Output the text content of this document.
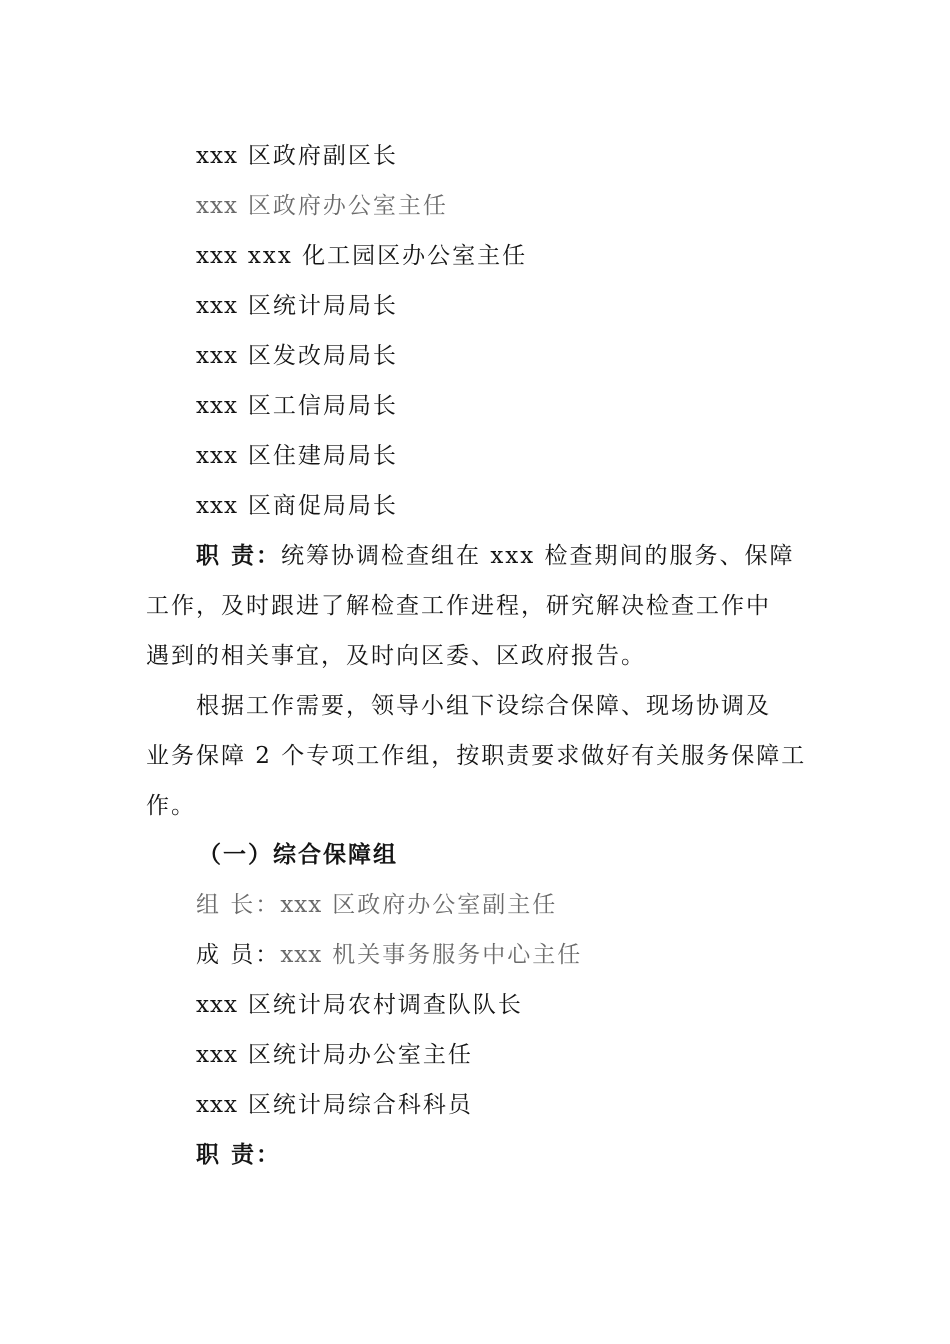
xxx 区政府副区长
xxx 区政府办公室主任
xxx xxx 化工园区办公室主任
xxx 区统计局局长
xxx 区发改局局长
xxx 区工信局局长
xxx 区住建局局长
xxx 区商促局局长
职 责：统筹协调检查组在 xxx 检查期间的服务、保障
工作，及时跟进了解检查工作进程，研究解决检查工作中
遇到的相关事宜，及时向区委、区政府报告。
根据工作需要，领导小组下设综合保障、现场协调及
业务保障 2 个专项工作组，按职责要求做好有关服务保障工
作。
（一）综合保障组
组 长：xxx 区政府办公室副主任
成 员：xxx 机关事务服务中心主任
xxx 区统计局农村调查队队长
xxx 区统计局办公室主任
xxx 区统计局综合科科员
职 责：
